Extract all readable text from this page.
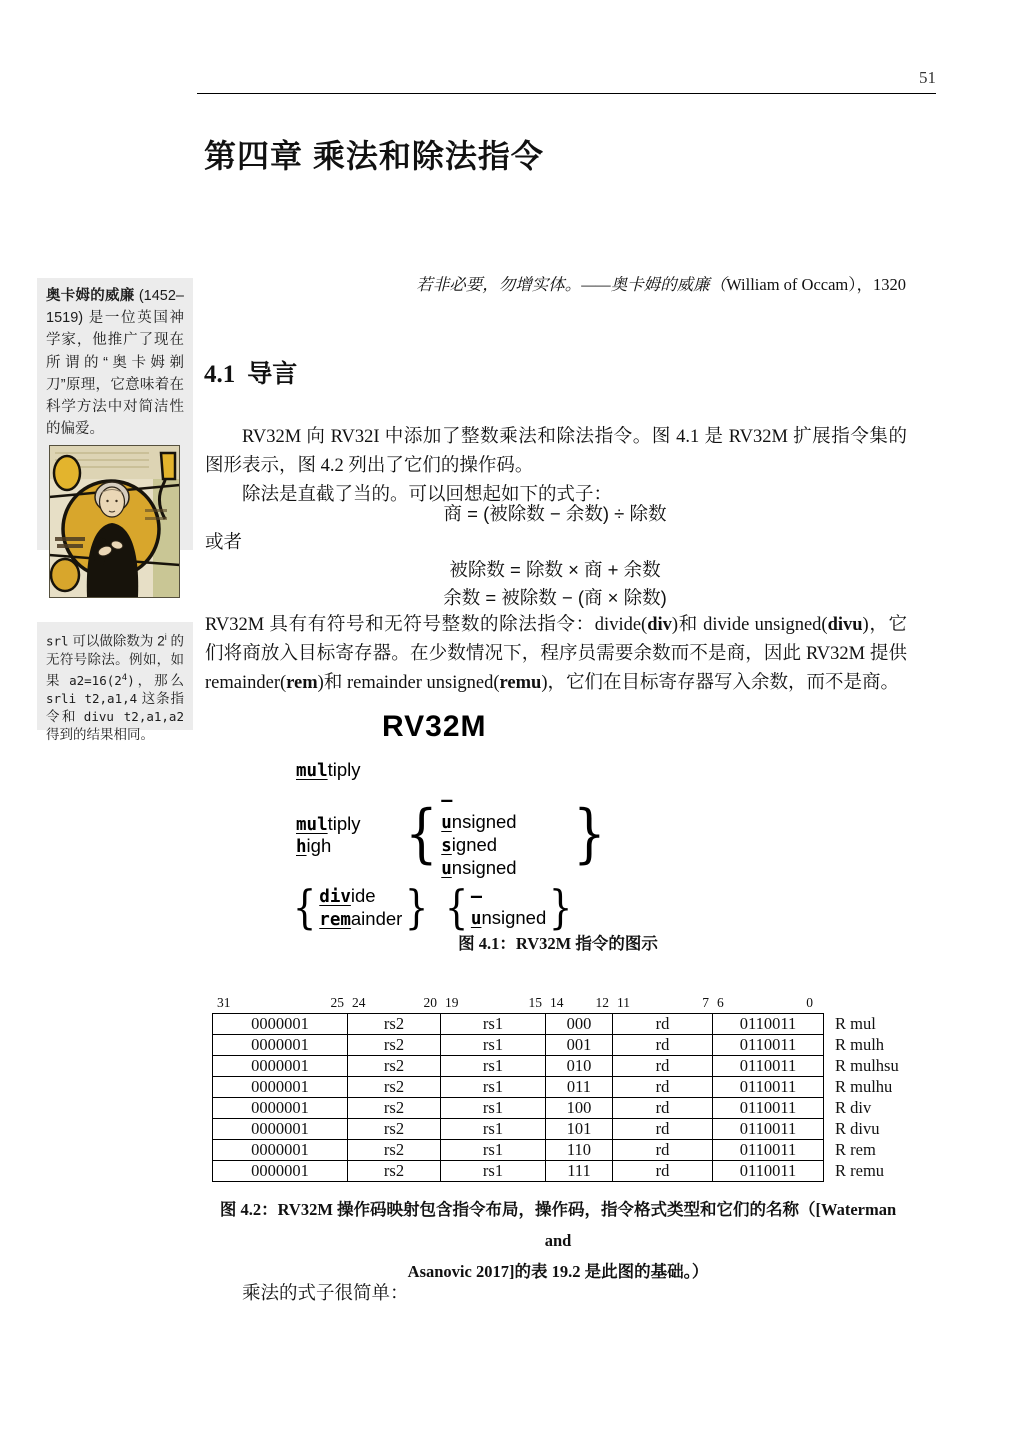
51
第四章 乘法和除法指令
若非必要，勿增实体。——奥卡姆的威廉（William of Occam），1320
奥卡姆的威廉 (1452–1519) 是一位英国神学家，他推广了现在所谓的“奥卡姆剃刀”原理，它意味着在科学方法中对简洁性的偏爱。
srl 可以做除数为 2$^i$ 的无符号除法。例如，如果 $a2=16(2^4)$，那么 srli t2,a1,4 这条指令和 divu t2,a1,a2 得到的结果相同。
4.1 导言

RV32M 向 RV32I 中添加了整数乘法和除法指令。图 4.1 是 RV32M 扩展指令集的图形表示，图 4.2 列出了它们的操作码。

除法是直截了当的。可以回想起如下的式子：

商 = (被除数 − 余数) ÷ 除数
或者
被除数 = 除数 × 商 + 余数
余数 = 被除数 − (商 × 除数)
RV32M 具有有符号和无符号整数的除法指令：divide(div)和 divide unsigned(divu)，它们将商放入目标寄存器。在少数情况下，程序员需要余数而不是商，因此 RV32M 提供 remainder(rem)和 remainder unsigned(remu)，它们在目标寄存器写入余数，而不是商。
RV32M
multiply
multiply high	{ –
unsigned
signed unsigned }
{ divide
remainder } { –
unsigned }
图 4.1：RV32M 指令的图示
31	25 24	20 19	15 14 12 11	7 6	0
0000001	rs2	rs1	000	rd	0110011	R mul
0000001	rs2	rs1	001	rd	0110011	R mulh
0000001	rs2	rs1	010	rd	0110011	R mulhsu
0000001	rs2	rs1	011	rd	0110011	R mulhu
0000001	rs2	rs1	100	rd	0110011	R div
0000001	rs2	rs1	101	rd	0110011	R divu
0000001	rs2	rs1	110	rd	0110011	R rem
0000001	rs2	rs1	111	rd	0110011	R remu
图 4.2：RV32M 操作码映射包含指令布局，操作码，指令格式类型和它们的名称（[Waterman and
Asanovic 2017]的表 19.2 是此图的基础。）
乘法的式子很简单：
